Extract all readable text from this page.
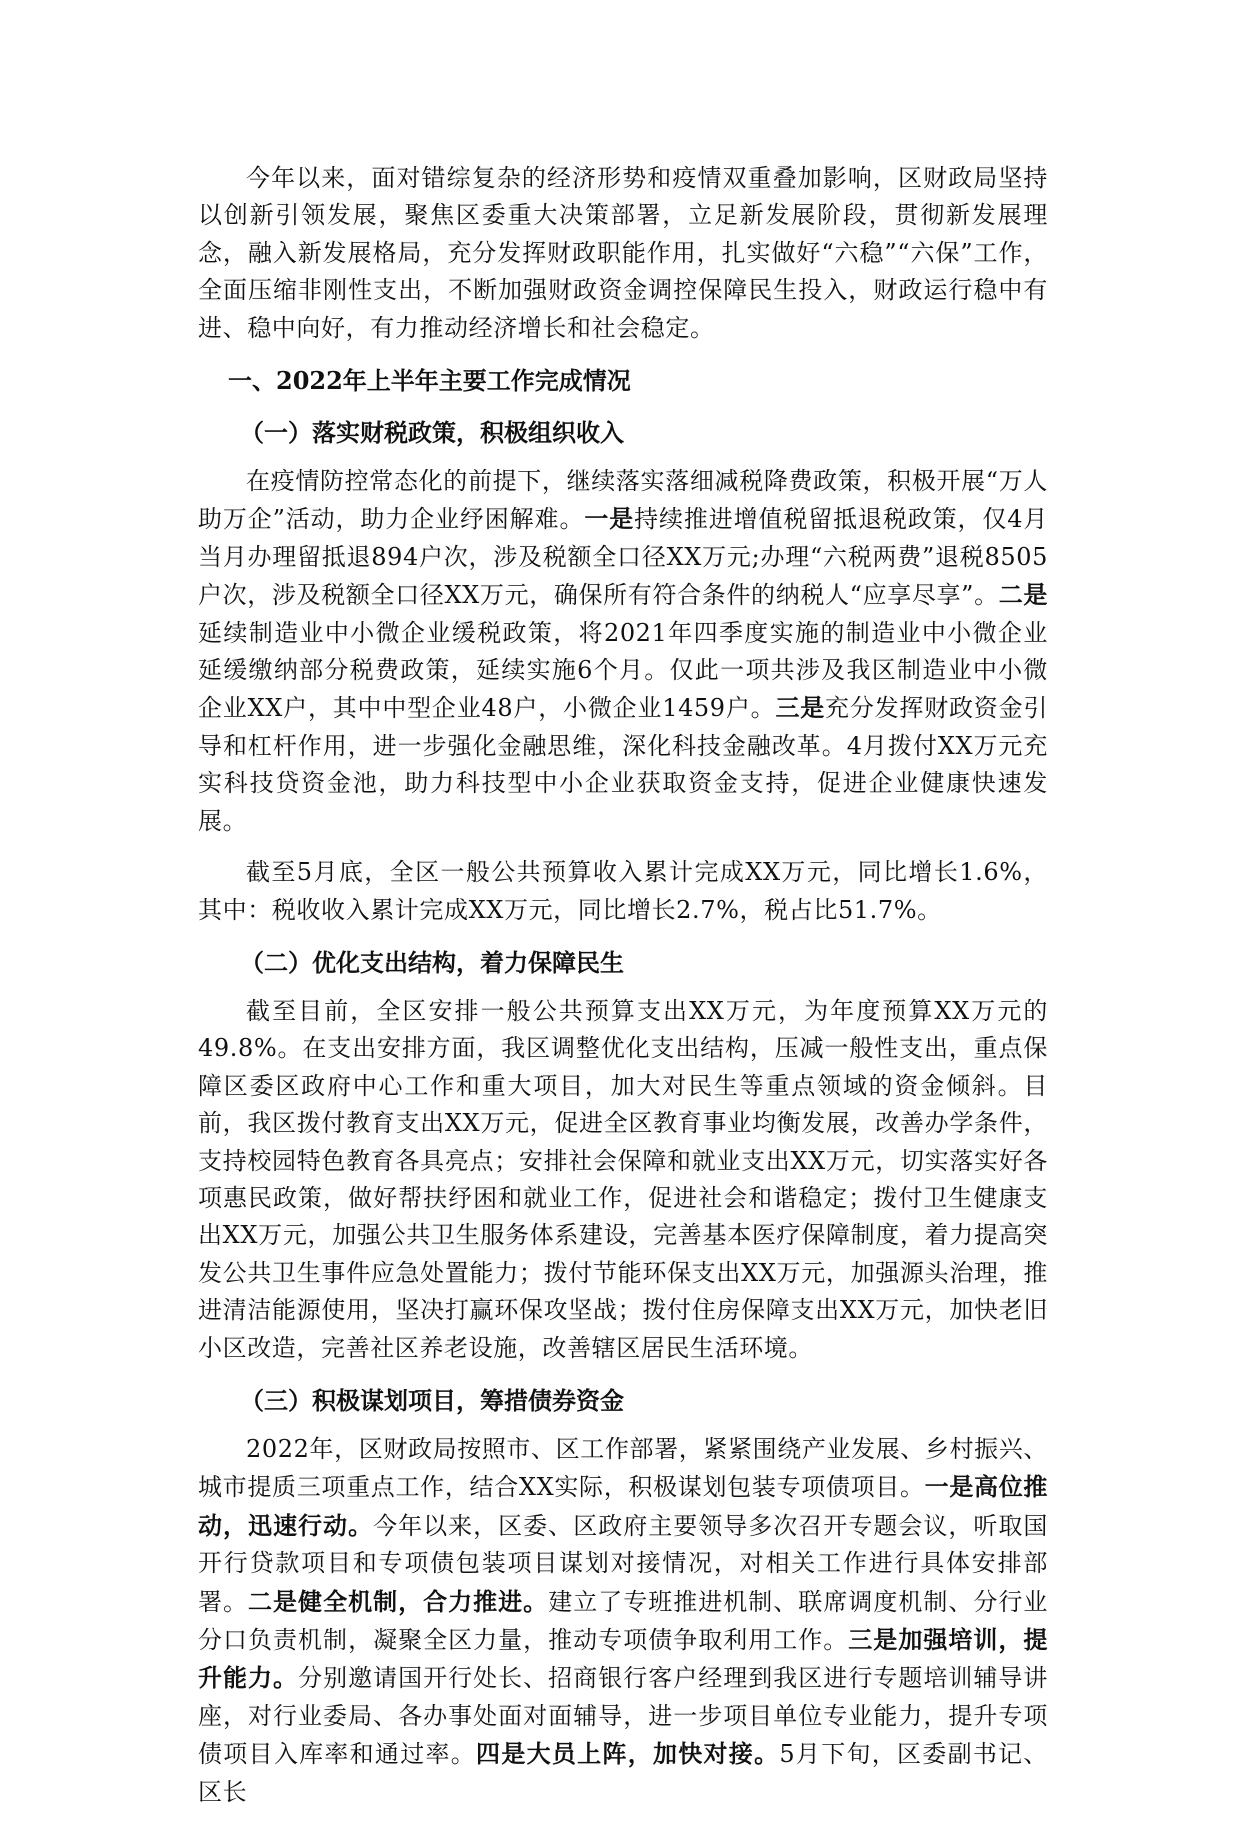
今年以来，面对错综复杂的经济形势和疫情双重叠加影响，区财政局坚持以创新引领发展，聚焦区委重大决策部署，立足新发展阶段，贯彻新发展理念，融入新发展格局，充分发挥财政职能作用，扎实做好“六稳”“六保”工作，全面压缩非刚性支出，不断加强财政资金调控保障民生投入，财政运行稳中有进、稳中向好，有力推动经济增长和社会稳定。

一、2022年上半年主要工作完成情况
（一）落实财税政策，积极组织收入

在疫情防控常态化的前提下，继续落实落细减税降费政策，积极开展“万人助万企”活动，助力企业纾困解难。一是持续推进增值税留抵退税政策，仅4月当月办理留抵退894户次，涉及税额全口径XX万元;办理“六税两费”退税8505户次，涉及税额全口径XX万元，确保所有符合条件的纳税人“应享尽享”。二是延续制造业中小微企业缓税政策，将2021年四季度实施的制造业中小微企业延缓缴纳部分税费政策，延续实施6个月。仅此一项共涉及我区制造业中小微企业XX户，其中中型企业48户，小微企业1459户。三是充分发挥财政资金引导和杠杆作用，进一步强化金融思维，深化科技金融改革。4月拨付XX万元充实科技贷资金池，助力科技型中小企业获取资金支持，促进企业健康快速发展。

截至5月底，全区一般公共预算收入累计完成XX万元，同比增长1.6%，其中：税收收入累计完成XX万元，同比增长2.7%，税占比51.7%。

（二）优化支出结构，着力保障民生

截至目前，全区安排一般公共预算支出XX万元，为年度预算XX万元的49.8%。在支出安排方面，我区调整优化支出结构，压减一般性支出，重点保障区委区政府中心工作和重大项目，加大对民生等重点领域的资金倾斜。目前，我区拨付教育支出XX万元，促进全区教育事业均衡发展，改善办学条件，支持校园特色教育各具亮点；安排社会保障和就业支出XX万元，切实落实好各项惠民政策，做好帮扶纾困和就业工作，促进社会和谐稳定；拨付卫生健康支出XX万元，加强公共卫生服务体系建设，完善基本医疗保障制度，着力提高突发公共卫生事件应急处置能力；拨付节能环保支出XX万元，加强源头治理，推进清洁能源使用，坚决打赢环保攻坚战；拨付住房保障支出XX万元，加快老旧小区改造，完善社区养老设施，改善辖区居民生活环境。

（三）积极谋划项目，筹措债券资金

2022年，区财政局按照市、区工作部署，紧紧围绕产业发展、乡村振兴、城市提质三项重点工作，结合XX实际，积极谋划包装专项债项目。一是高位推动，迅速行动。今年以来，区委、区政府主要领导多次召开专题会议，听取国开行贷款项目和专项债包装项目谋划对接情况，对相关工作进行具体安排部署。二是健全机制，合力推进。建立了专班推进机制、联席调度机制、分行业分口负责机制，凝聚全区力量，推动专项债争取利用工作。三是加强培训，提升能力。分别邀请国开行处长、招商银行客户经理到我区进行专题培训辅导讲座，对行业委局、各办事处面对面辅导，进一步项目单位专业能力，提升专项债项目入库率和通过率。四是大员上阵，加快对接。5月下旬，区委副书记、区长
